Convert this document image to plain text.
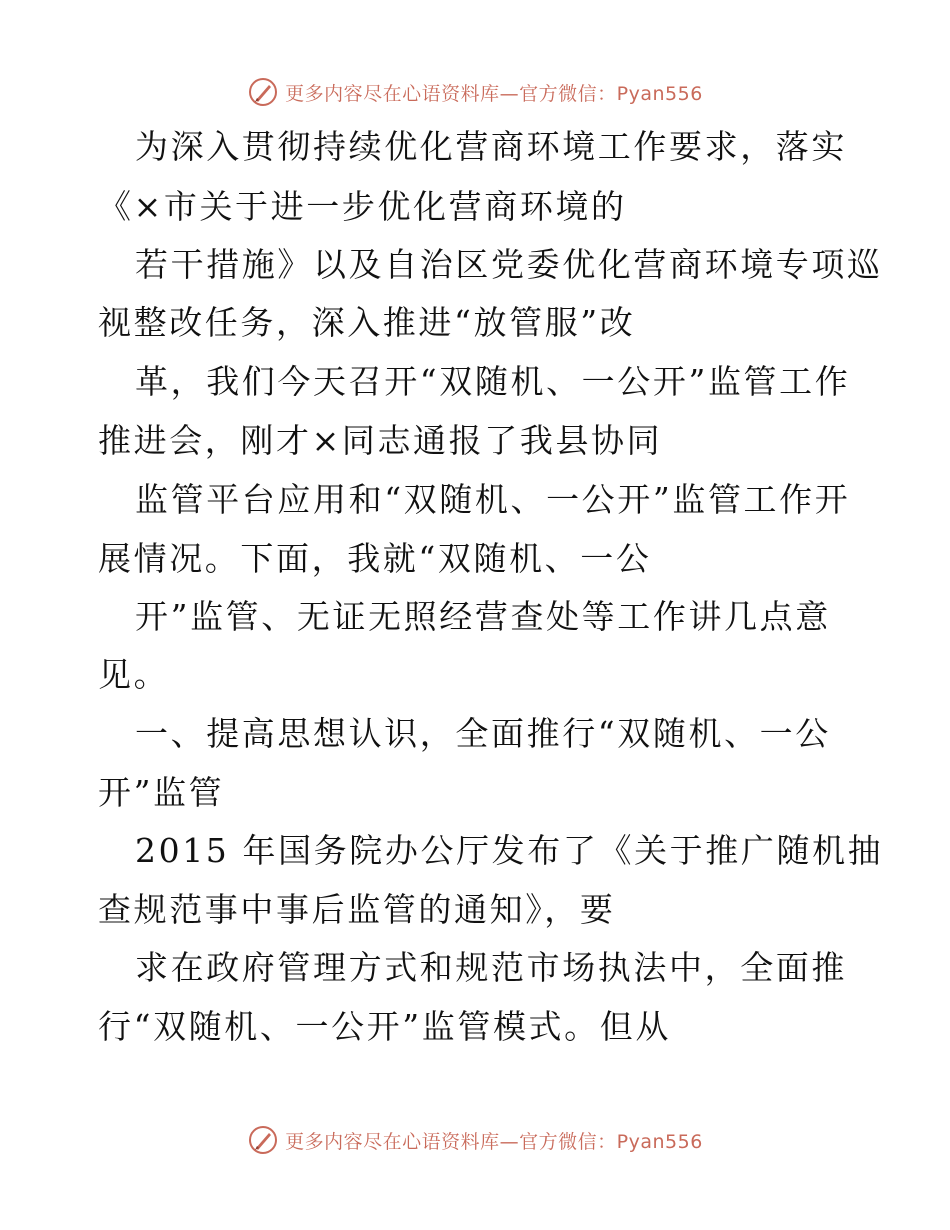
更多内容尽在心语资料库—官方微信：Pyan556
为深入贯彻持续优化营商环境工作要求，落实
《×市关于进一步优化营商环境的
若干措施》以及自治区党委优化营商环境专项巡
视整改任务，深入推进“放管服”改
革，我们今天召开“双随机、一公开”监管工作
推进会，刚才×同志通报了我县协同
监管平台应用和“双随机、一公开”监管工作开
展情况。下面，我就“双随机、一公
开”监管、无证无照经营查处等工作讲几点意
见。
一、提高思想认识，全面推行“双随机、一公
开”监管
2015 年国务院办公厅发布了《关于推广随机抽
查规范事中事后监管的通知》，要
求在政府管理方式和规范市场执法中，全面推
行“双随机、一公开”监管模式。但从
更多内容尽在心语资料库—官方微信：Pyan556
